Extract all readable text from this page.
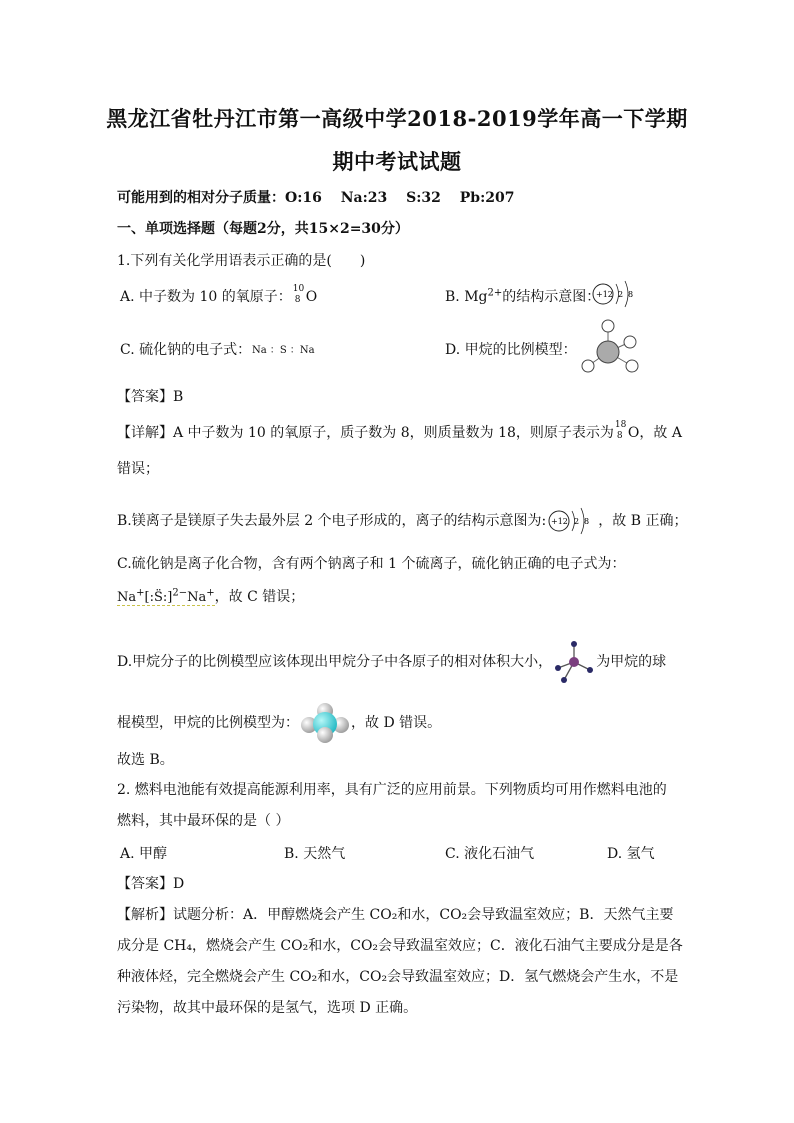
黑龙江省牡丹江市第一高级中学2018-2019学年高一下学期
期中考试试题
可能用到的相对分子质量：O:16　 Na:23　 S:32　 Pb:207
一、单项选择题（每题2分，共15×2=30分）
1.下列有关化学用语表示正确的是(　　)
A. 中子数为 10 的氧原子： 10
8 O	B. $Mg^{2+}$的结构示意图：
+12 2 8
C. 硫化钠的电子式： Na ：S ：Na	D. 甲烷的比例模型：
【答案】B
【详解】A 中子数为 10 的氧原子，质子数为 8，则质量数为 18，则原子表示为 18
8 O，故 A
错误；
B.镁离子是镁原子失去最外层 2 个电子形成的，离子的结构示意图为: +12 2 8 ，故 B 正确；
C.硫化钠是离子化合物，含有两个钠离子和 1 个硫离子，硫化钠正确的电子式为：
Na+[:S̈:]$^{2-}$Na+，故 C 错误；
D.甲烷分子的比例模型应该体现出甲烷分子中各原子的相对体积大小，	为甲烷的球
棍模型，甲烷的比例模型为：	，故 D 错误。
故选 B。
2. 燃料电池能有效提高能源利用率，具有广泛的应用前景。下列物质均可用作燃料电池的
燃料，其中最环保的是（ ）
A. 甲醇	B. 天然气	C. 液化石油气	D. 氢气
【答案】D
【解析】试题分析：A．甲醇燃烧会产生 CO₂和水，CO₂会导致温室效应；B．天然气主要
成分是 CH₄，燃烧会产生 CO₂和水，CO₂会导致温室效应；C．液化石油气主要成分是是各
种液体烃，完全燃烧会产生 CO₂和水，CO₂会导致温室效应；D．氢气燃烧会产生水，不是
污染物，故其中最环保的是氢气，选项 D 正确。
